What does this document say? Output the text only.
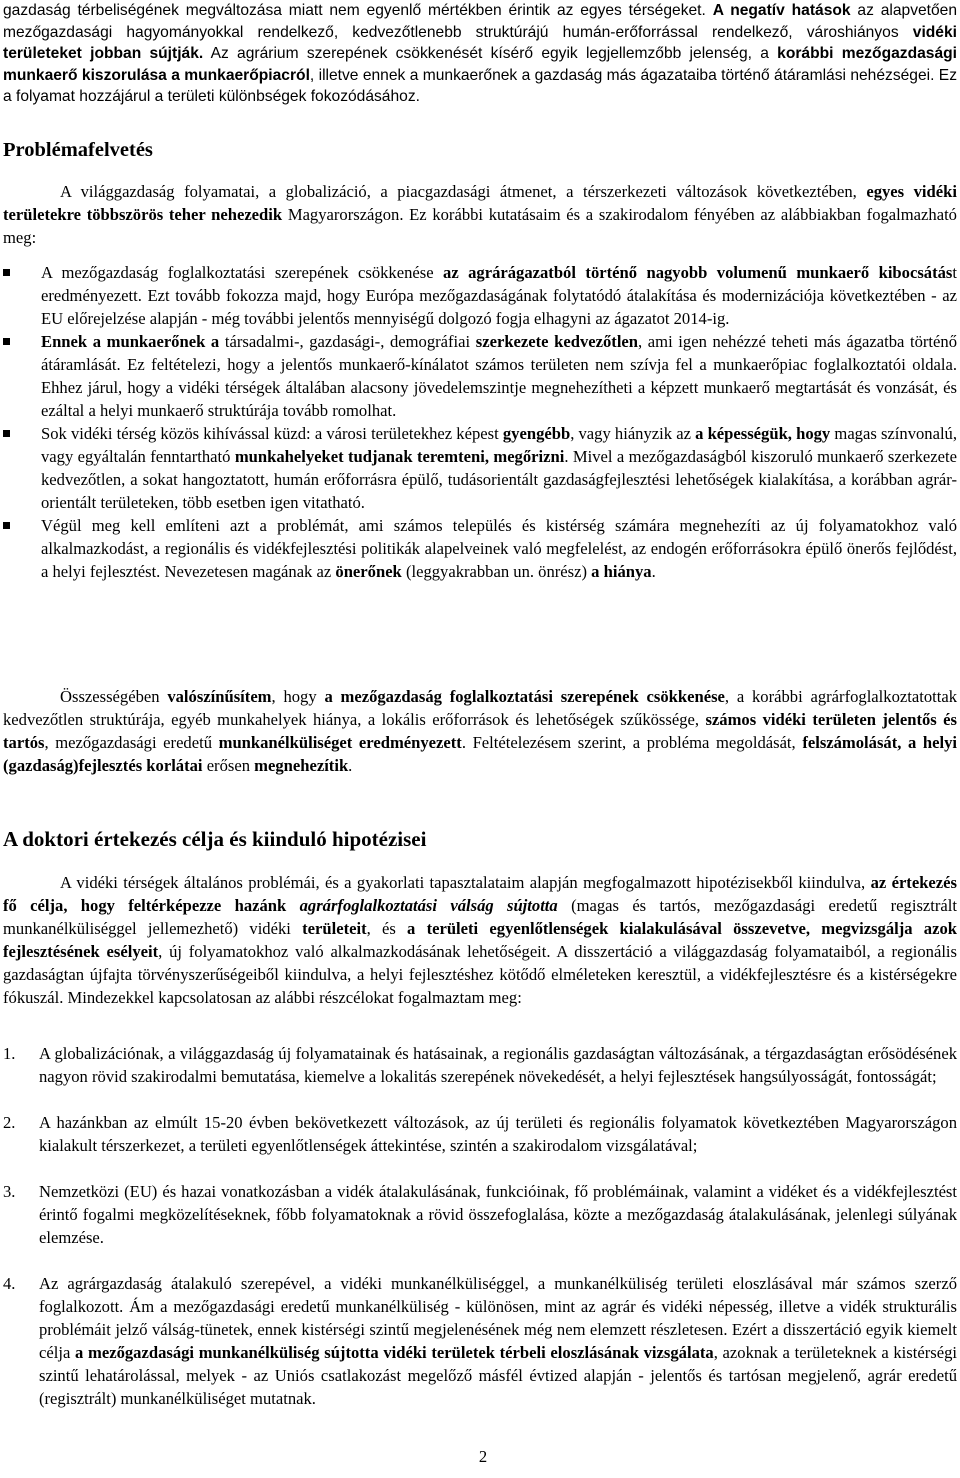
gazdaság térbeliségének megváltozása miatt nem egyenlő mértékben érintik az egyes térségeket. A negatív hatások az alapvetően mezőgazdasági hagyományokkal rendelkező, kedvezőtlenebb struktúrájú humán-erőforrással rendelkező, városhiányos vidéki területeket jobban sújtják. Az agrárium szerepének csökkenését kísérő egyik legjellemzőbb jelenség, a korábbi mezőgazdasági munkaerő kiszorulása a munkaerőpiacról, illetve ennek a munkaerőnek a gazdaság más ágazataiba történő átáramlási nehézségei. Ez a folyamat hozzájárul a területi különbségek fokozódásához.

Problémafelvetés

A világgazdaság folyamatai, a globalizáció, a piacgazdasági átmenet, a térszerkezeti változások következtében, egyes vidéki területekre többszörös teher nehezedik Magyarországon. Ez korábbi kutatásaim és a szakirodalom fényében az alábbiakban fogalmazható meg:

A mezőgazdaság foglalkoztatási szerepének csökkenése az agrárágazatból történő nagyobb volumenű munkaerő kibocsátást eredményezett. Ezt tovább fokozza majd, hogy Európa mezőgazdaságának folytatódó átalakítása és modernizációja következtében - az EU előrejelzése alapján - még további jelentős mennyiségű dolgozó fogja elhagyni az ágazatot 2014-ig.

Ennek a munkaerőnek a társadalmi-, gazdasági-, demográfiai szerkezete kedvezőtlen, ami igen nehézzé teheti más ágazatba történő átáramlását. Ez feltételezi, hogy a jelentős munkaerő-kínálatot számos területen nem szívja fel a munkaerőpiac foglalkoztatói oldala. Ehhez járul, hogy a vidéki térségek általában alacsony jövedelemszintje megnehezítheti a képzett munkaerő megtartását és vonzását, és ezáltal a helyi munkaerő struktúrája tovább romolhat.

Sok vidéki térség közös kihívással küzd: a városi területekhez képest gyengébb, vagy hiányzik az a képességük, hogy magas színvonalú, vagy egyáltalán fenntartható munkahelyeket tudjanak teremteni, megőrizni. Mivel a mezőgazdaságból kiszoruló munkaerő szerkezete kedvezőtlen, a sokat hangoztatott, humán erőforrásra épülő, tudásorientált gazdaságfejlesztési lehetőségek kialakítása, a korábban agrár-orientált területeken, több esetben igen vitatható.

Végül meg kell említeni azt a problémát, ami számos település és kistérség számára megnehezíti az új folyamatokhoz való alkalmazkodást, a regionális és vidékfejlesztési politikák alapelveinek való megfelelést, az endogén erőforrásokra épülő önerős fejlődést, a helyi fejlesztést. Nevezetesen magának az önerőnek (leggyakrabban un. önrész) a hiánya.

Összességében valószínűsítem, hogy a mezőgazdaság foglalkoztatási szerepének csökkenése, a korábbi agrárfoglalkoztatottak kedvezőtlen struktúrája, egyéb munkahelyek hiánya, a lokális erőforrások és lehetőségek szűkössége, számos vidéki területen jelentős és tartós, mezőgazdasági eredetű munkanélküliséget eredményezett. Feltételezésem szerint, a probléma megoldását, felszámolását, a helyi (gazdaság)fejlesztés korlátai erősen megnehezítik.

A doktori értekezés célja és kiinduló hipotézisei

A vidéki térségek általános problémái, és a gyakorlati tapasztalataim alapján megfogalmazott hipotézisekből kiindulva, az értekezés fő célja, hogy feltérképezze hazánk agrárfoglalkoztatási válság sújtotta (magas és tartós, mezőgazdasági eredetű regisztrált munkanélküliséggel jellemezhető) vidéki területeit, és a területi egyenlőtlenségek kialakulásával összevetve, megvizsgálja azok fejlesztésének esélyeit, új folyamatokhoz való alkalmazkodásának lehetőségeit. A disszertáció a világgazdaság folyamataiból, a regionális gazdaságtan újfajta törvényszerűségeiből kiindulva, a helyi fejlesztéshez kötődő elméleteken keresztül, a vidékfejlesztésre és a kistérségekre fókuszál. Mindezekkel kapcsolatosan az alábbi részcélokat fogalmaztam meg:

1. A globalizációnak, a világgazdaság új folyamatainak és hatásainak, a regionális gazdaságtan változásának, a térgazdaságtan erősödésének nagyon rövid szakirodalmi bemutatása, kiemelve a lokalitás szerepének növekedését, a helyi fejlesztések hangsúlyosságát, fontosságát;

2. A hazánkban az elmúlt 15-20 évben bekövetkezett változások, az új területi és regionális folyamatok következtében Magyarországon kialakult térszerkezet, a területi egyenlőtlenségek áttekintése, szintén a szakirodalom vizsgálatával;

3. Nemzetközi (EU) és hazai vonatkozásban a vidék átalakulásának, funkcióinak, fő problémáinak, valamint a vidéket és a vidékfejlesztést érintő fogalmi megközelítéseknek, főbb folyamatoknak a rövid összefoglalása, közte a mezőgazdaság átalakulásának, jelenlegi súlyának elemzése.

4. Az agrárgazdaság átalakuló szerepével, a vidéki munkanélküliséggel, a munkanélküliség területi eloszlásával már számos szerző foglalkozott. Ám a mezőgazdasági eredetű munkanélküliség - különösen, mint az agrár és vidéki népesség, illetve a vidék strukturális problémáit jelző válság-tünetek, ennek kistérségi szintű megjelenésének még nem elemzett részletesen. Ezért a disszertáció egyik kiemelt célja a mezőgazdasági munkanélküliség sújtotta vidéki területek térbeli eloszlásának vizsgálata, azoknak a területeknek a kistérségi szintű lehatárolással, melyek - az Uniós csatlakozást megelőző másfél évtized alapján - jelentős és tartósan megjelenő, agrár eredetű (regisztrált) munkanélküliséget mutatnak.

2
